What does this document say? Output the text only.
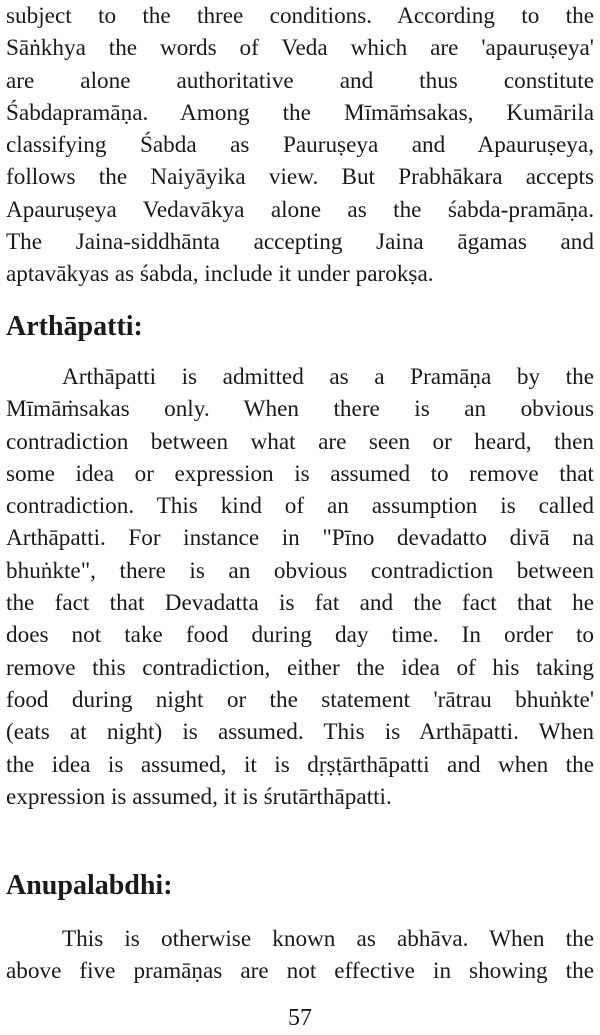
subject to the three conditions. According to the
Sāṅkhya the words of Veda which are 'apauruṣeya'
are alone authoritative and thus constitute
Śabdapramāṇa. Among the Mīmāṁsakas, Kumārila
classifying Śabda as Pauruṣeya and Apauruṣeya,
follows the Naiyāyika view. But Prabhākara accepts
Apauruṣeya Vedavākya alone as the śabda-pramāṇa.
The Jaina-siddhānta accepting Jaina āgamas and
aptavākyas as śabda, include it under parokṣa.

Arthāpatti:

Arthāpatti is admitted as a Pramāṇa by the
Mīmāṁsakas only. When there is an obvious
contradiction between what are seen or heard, then
some idea or expression is assumed to remove that
contradiction. This kind of an assumption is called
Arthāpatti. For instance in "Pīno devadatto divā na
bhuṅkte", there is an obvious contradiction between
the fact that Devadatta is fat and the fact that he
does not take food during day time. In order to
remove this contradiction, either the idea of his taking
food during night or the statement 'rātrau bhuṅkte'
(eats at night) is assumed. This is Arthāpatti. When
the idea is assumed, it is dṛṣṭārthāpatti and when the
expression is assumed, it is śrutārthāpatti.

Anupalabdhi:

This is otherwise known as abhāva. When the
above five pramāṇas are not effective in showing the

57
